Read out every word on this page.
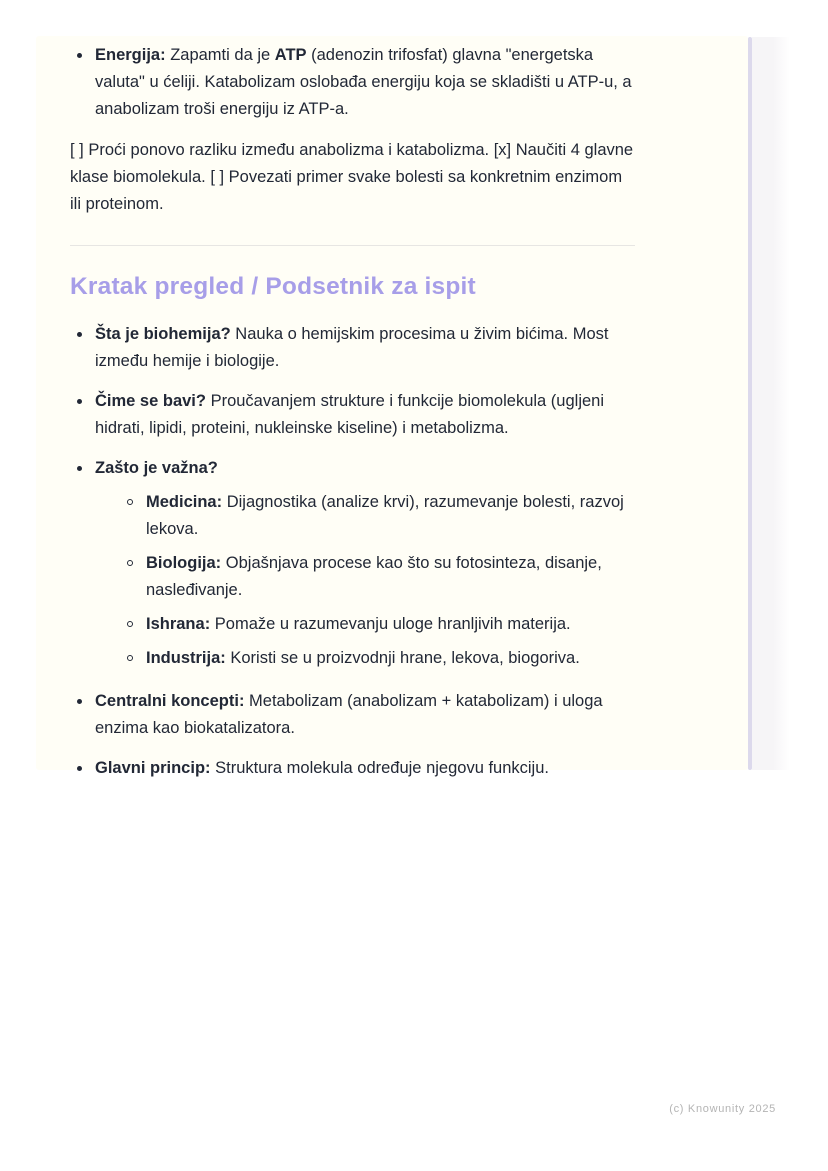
Energija: Zapamti da je ATP (adenozin trifosfat) glavna "energetska valuta" u ćeliji. Katabolizam oslobađa energiju koja se skladišti u ATP-u, a anabolizam troši energiju iz ATP-a.

[ ] Proći ponovo razliku između anabolizma i katabolizma. [x] Naučiti 4 glavne klase biomolekula. [ ] Povezati primer svake bolesti sa konkretnim enzimom ili proteinom.

Kratak pregled / Podsetnik za ispit
Šta je biohemija? Nauka o hemijskim procesima u živim bićima. Most između hemije i biologije.
Čime se bavi? Proučavanjem strukture i funkcije biomolekula (ugljeni hidrati, lipidi, proteini, nukleinske kiseline) i metabolizma.
Zašto je važna?
Medicina: Dijagnostika (analize krvi), razumevanje bolesti, razvoj lekova.
Biologija: Objašnjava procese kao što su fotosinteza, disanje, nasleđivanje.
Ishrana: Pomaže u razumevanju uloge hranljivih materija.
Industrija: Koristi se u proizvodnji hrane, lekova, biogoriva.
Centralni koncepti: Metabolizam (anabolizam + katabolizam) i uloga enzima kao biokatalizatora.
Glavni princip: Struktura molekula određuje njegovu funkciju.
(c) Knowunity 2025
